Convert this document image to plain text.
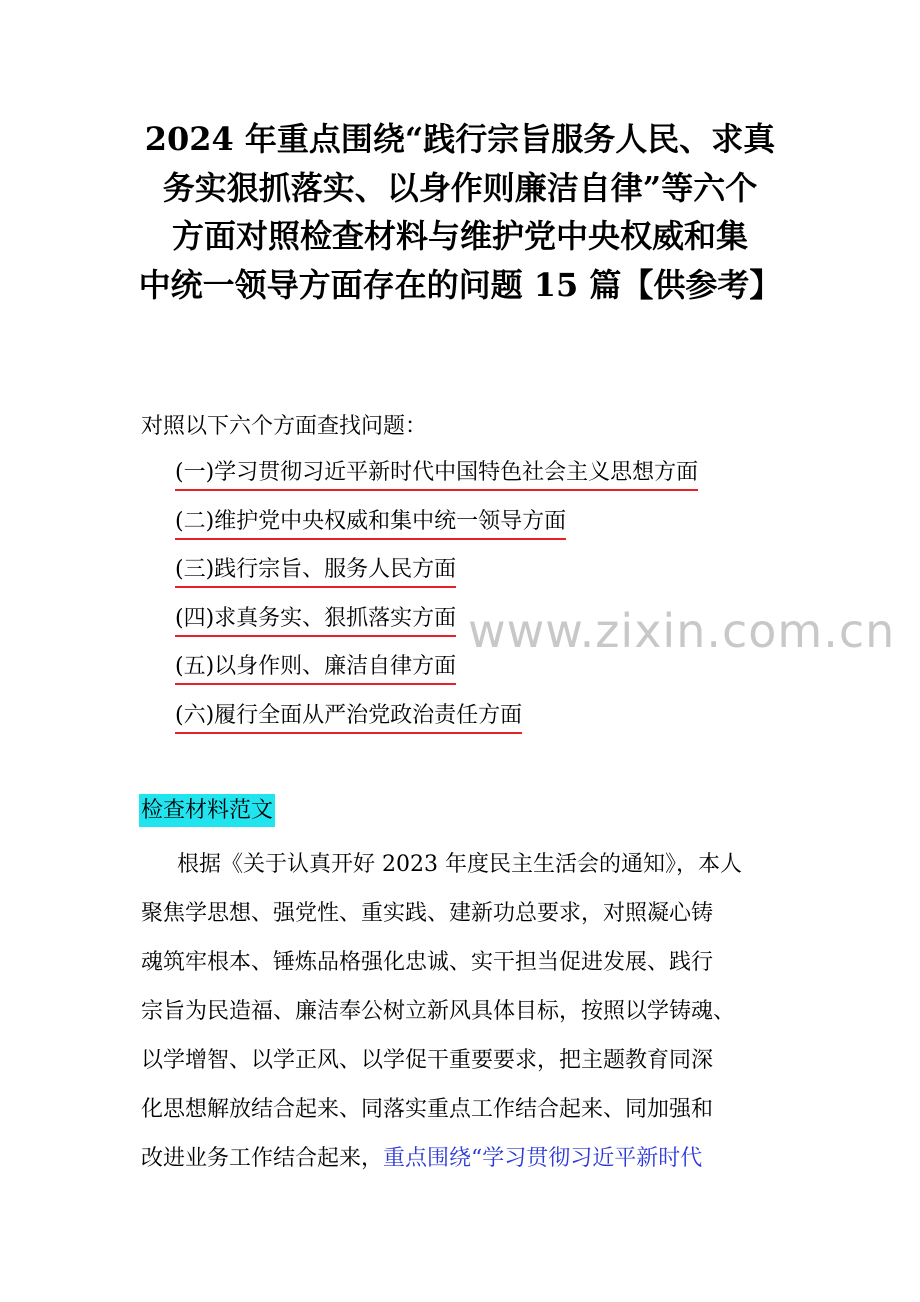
2024 年重点围绕“践行宗旨服务人民、求真
务实狠抓落实、以身作则廉洁自律”等六个
方面对照检查材料与维护党中央权威和集
中统一领导方面存在的问题 15 篇【供参考】
对照以下六个方面查找问题：
(一)学习贯彻习近平新时代中国特色社会主义思想方面
(二)维护党中央权威和集中统一领导方面
(三)践行宗旨、服务人民方面
(四)求真务实、狠抓落实方面
(五)以身作则、廉洁自律方面
(六)履行全面从严治党政治责任方面
www.zixin.com.cn
检查材料范文

根据《关于认真开好 2023 年度民主生活会的通知》，本人
聚焦学思想、强党性、重实践、建新功总要求，对照凝心铸
魂筑牢根本、锤炼品格强化忠诚、实干担当促进发展、践行
宗旨为民造福、廉洁奉公树立新风具体目标，按照以学铸魂、
以学增智、以学正风、以学促干重要要求，把主题教育同深
化思想解放结合起来、同落实重点工作结合起来、同加强和
改进业务工作结合起来，重点围绕“学习贯彻习近平新时代
